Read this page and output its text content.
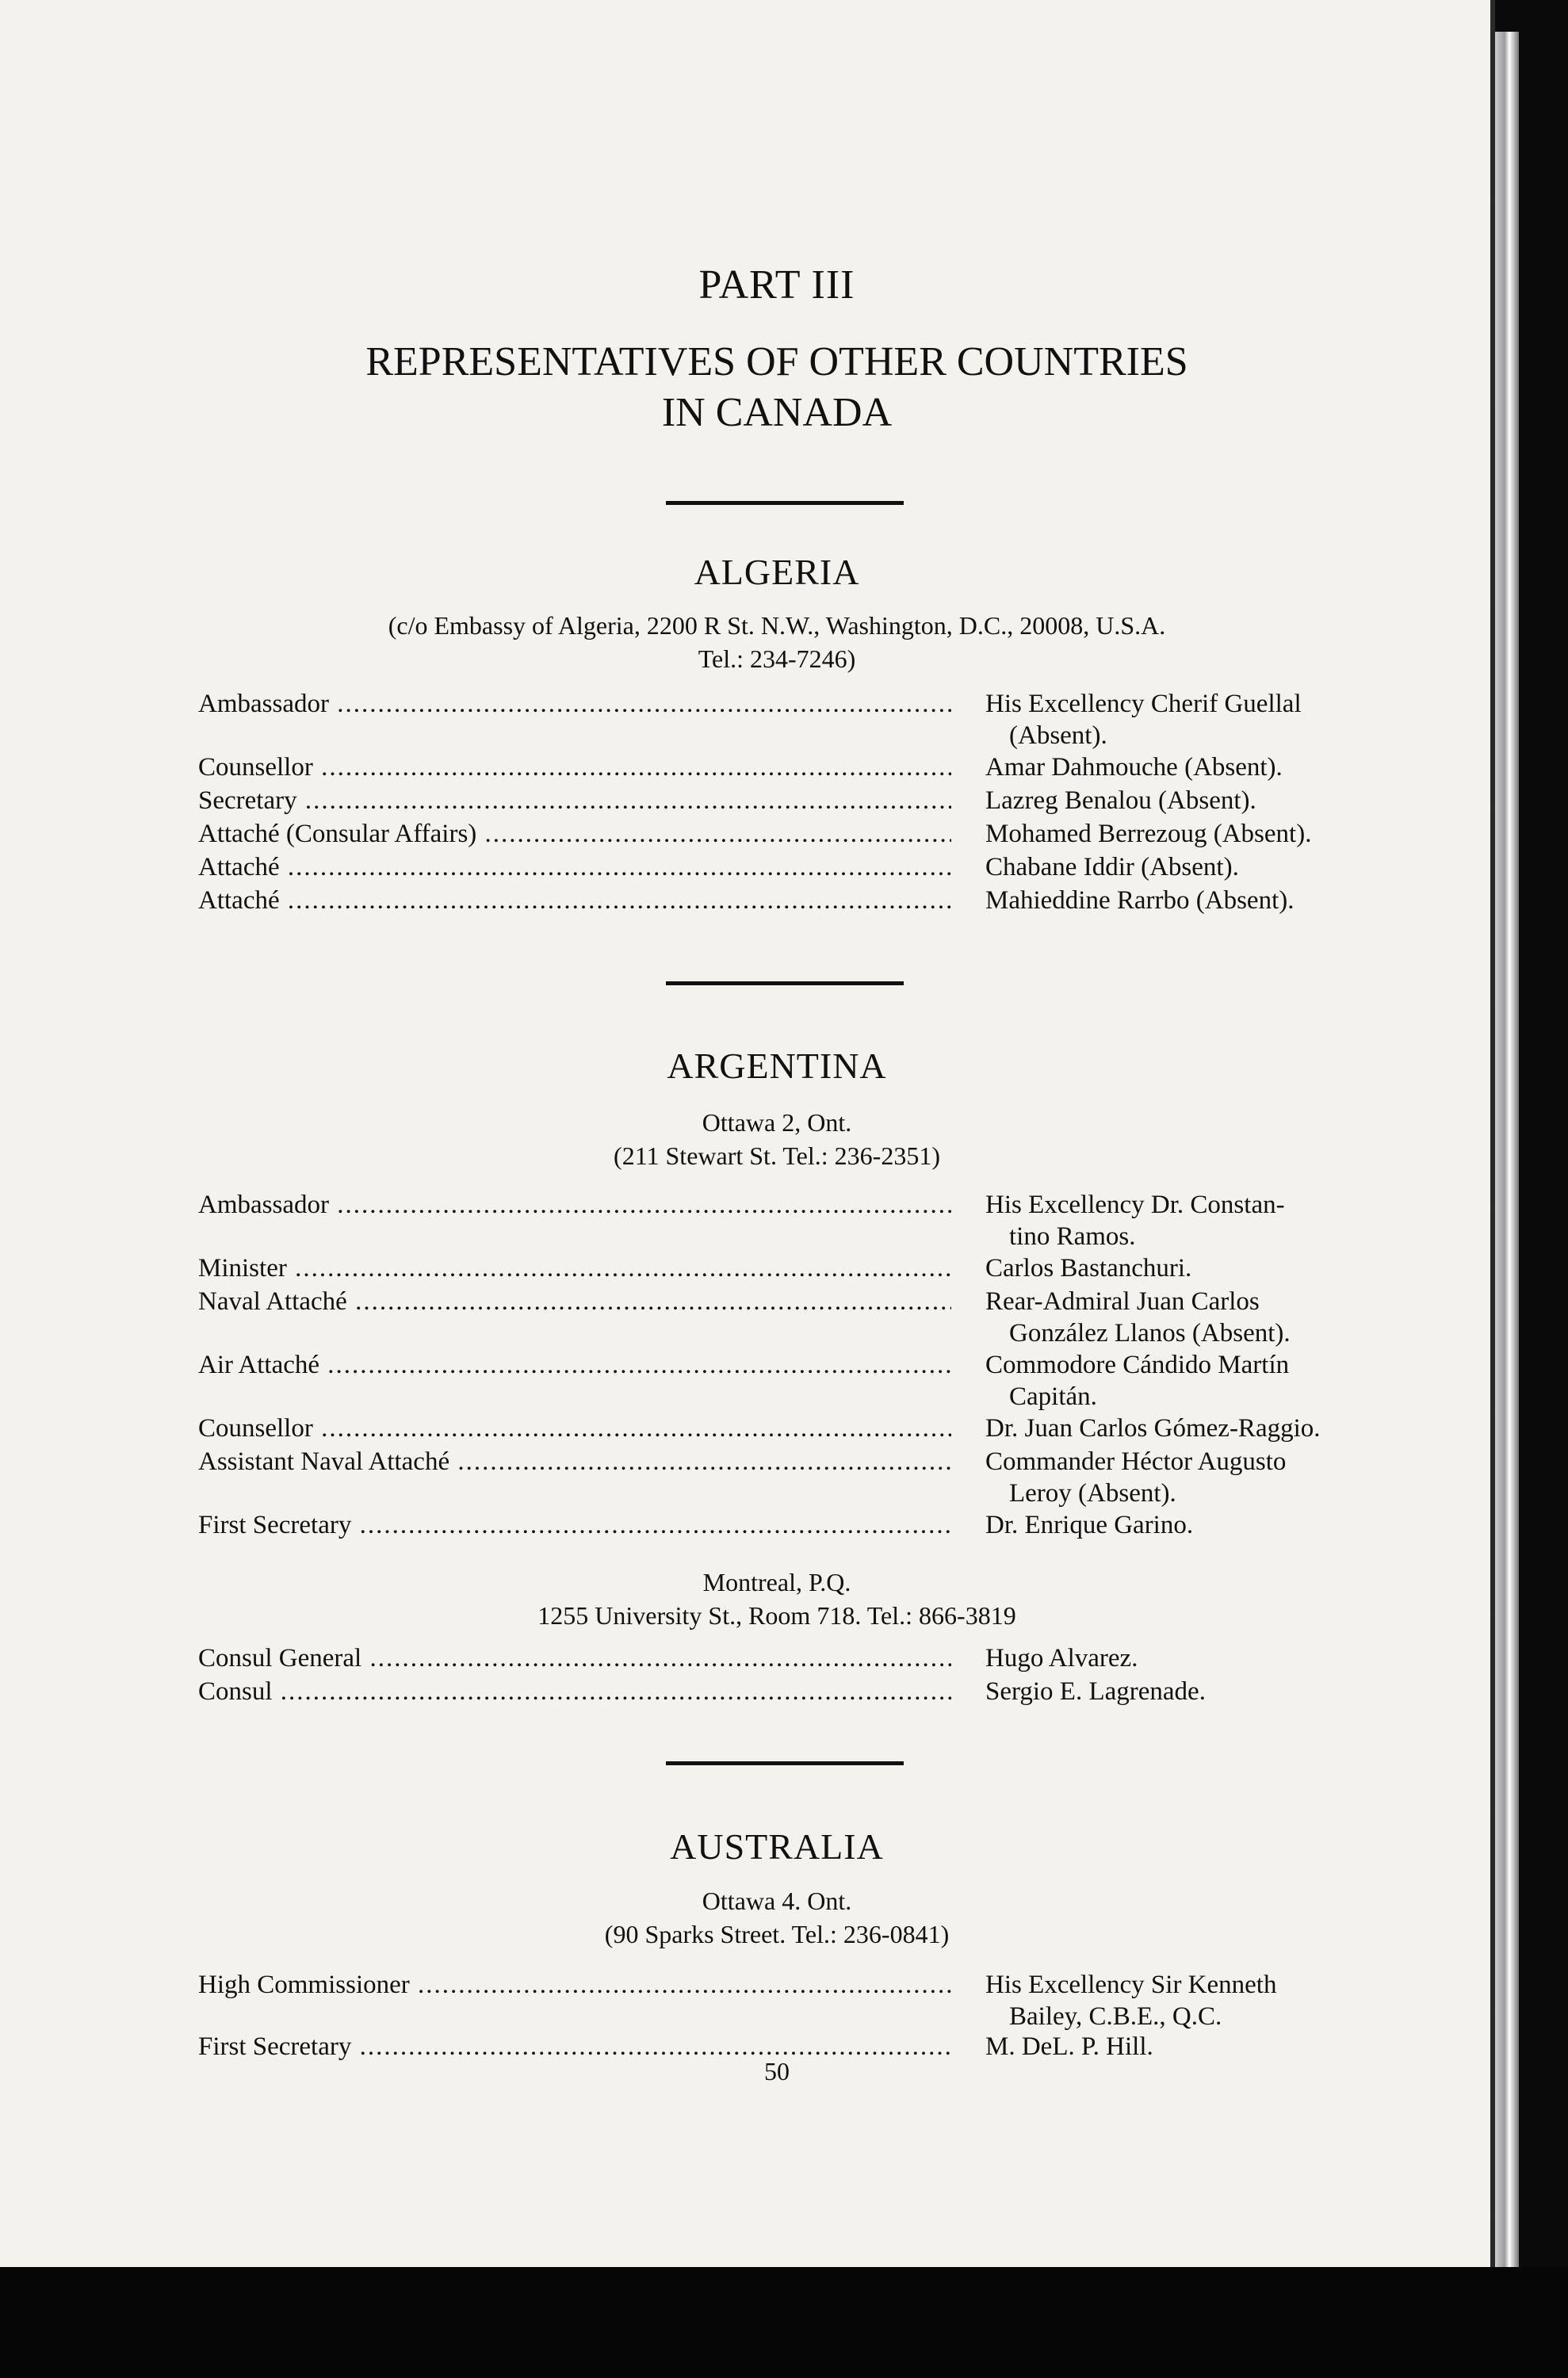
PART III
REPRESENTATIVES OF OTHER COUNTRIES
IN CANADA
ALGERIA
(c/o Embassy of Algeria, 2200 R St. N.W., Washington, D.C., 20008, U.S.A.
Tel.: 234-7246)
Ambassador .....	His Excellency Cherif Guellal
(Absent).
Counsellor .....	Amar Dahmouche (Absent).
Secretary .....	Lazreg Benalou (Absent).
Attaché (Consular Affairs) .....	Mohamed Berrezoug (Absent).
Attaché .....	Chabane Iddir (Absent).
Attaché .....	Mahieddine Rarrbo (Absent).
ARGENTINA
Ottawa 2, Ont.
(211 Stewart St. Tel.: 236-2351)
Ambassador .....	His Excellency Dr. Constan-
tino Ramos.
Minister .....	Carlos Bastanchuri.
Naval Attaché .....	Rear-Admiral Juan Carlos
González Llanos (Absent).
Air Attaché .....	Commodore Cándido Martín
Capitán.
Counsellor .....	Dr. Juan Carlos Gómez-Raggio.
Assistant Naval Attaché .....	Commander Héctor Augusto
Leroy (Absent).
First Secretary .....	Dr. Enrique Garino.
Montreal, P.Q.
1255 University St., Room 718. Tel.: 866-3819
Consul General .....	Hugo Alvarez.
Consul .....	Sergio E. Lagrenade.
AUSTRALIA
Ottawa 4. Ont.
(90 Sparks Street. Tel.: 236-0841)
High Commissioner .....	His Excellency Sir Kenneth
Bailey, C.B.E., Q.C.
First Secretary .....	M. DeL. P. Hill.
50
